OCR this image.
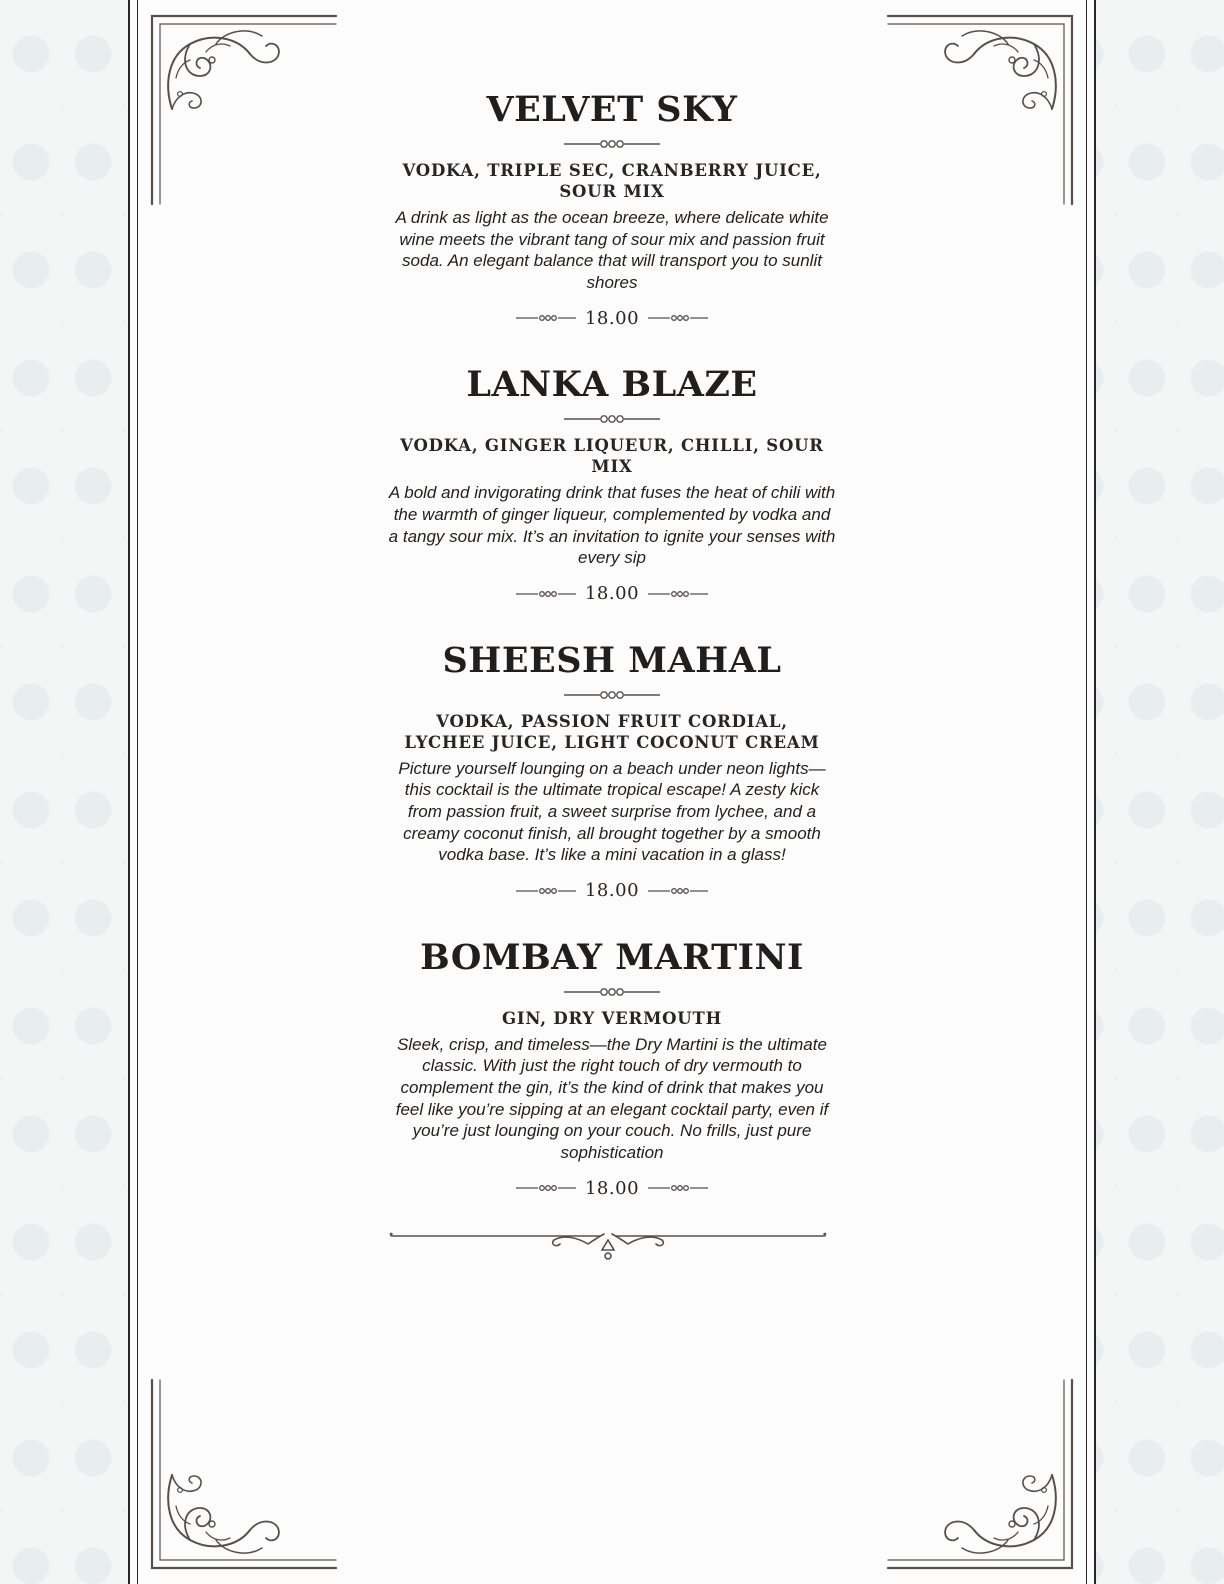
VELVET SKY

VODKA, TRIPLE SEC, CRANBERRY JUICE, SOUR MIX

A drink as light as the ocean breeze, where delicate white wine meets the vibrant tang of sour mix and passion fruit soda. An elegant balance that will transport you to sunlit shores

18.00
LANKA BLAZE

VODKA, GINGER LIQUEUR, CHILLI, SOUR MIX

A bold and invigorating drink that fuses the heat of chili with the warmth of ginger liqueur, complemented by vodka and a tangy sour mix. It’s an invitation to ignite your senses with every sip

18.00
SHEESH MAHAL

VODKA, PASSION FRUIT CORDIAL, LYCHEE JUICE, LIGHT COCONUT CREAM

Picture yourself lounging on a beach under neon lights—this cocktail is the ultimate tropical escape! A zesty kick from passion fruit, a sweet surprise from lychee, and a creamy coconut finish, all brought together by a smooth vodka base. It’s like a mini vacation in a glass!

18.00
BOMBAY MARTINI

GIN, DRY VERMOUTH

Sleek, crisp, and timeless—the Dry Martini is the ultimate classic. With just the right touch of dry vermouth to complement the gin, it’s the kind of drink that makes you feel like you’re sipping at an elegant cocktail party, even if you’re just lounging on your couch. No frills, just pure sophistication

18.00
